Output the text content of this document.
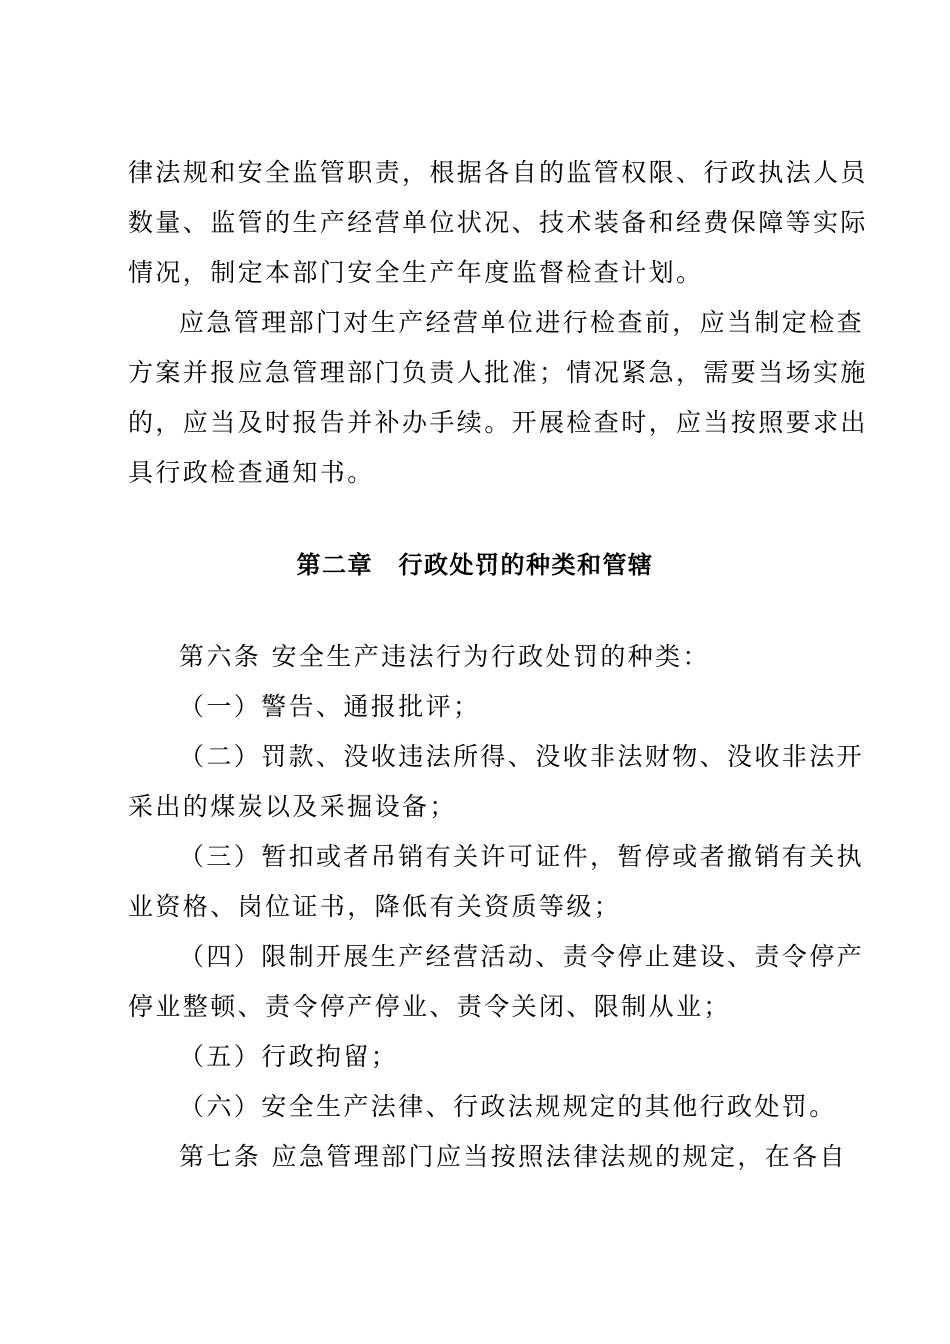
律法规和安全监管职责，根据各自的监管权限、行政执法人员
数量、监管的生产经营单位状况、技术装备和经费保障等实际
情况，制定本部门安全生产年度监督检查计划。
应急管理部门对生产经营单位进行检查前，应当制定检查
方案并报应急管理部门负责人批准；情况紧急，需要当场实施
的，应当及时报告并补办手续。开展检查时，应当按照要求出
具行政检查通知书。
第二章　行政处罚的种类和管辖
第六条 安全生产违法行为行政处罚的种类：
（一）警告、通报批评；
（二）罚款、没收违法所得、没收非法财物、没收非法开
采出的煤炭以及采掘设备；
（三）暂扣或者吊销有关许可证件，暂停或者撤销有关执
业资格、岗位证书，降低有关资质等级；
（四）限制开展生产经营活动、责令停止建设、责令停产
停业整顿、责令停产停业、责令关闭、限制从业；
（五）行政拘留；
（六）安全生产法律、行政法规规定的其他行政处罚。
第七条 应急管理部门应当按照法律法规的规定，在各自
